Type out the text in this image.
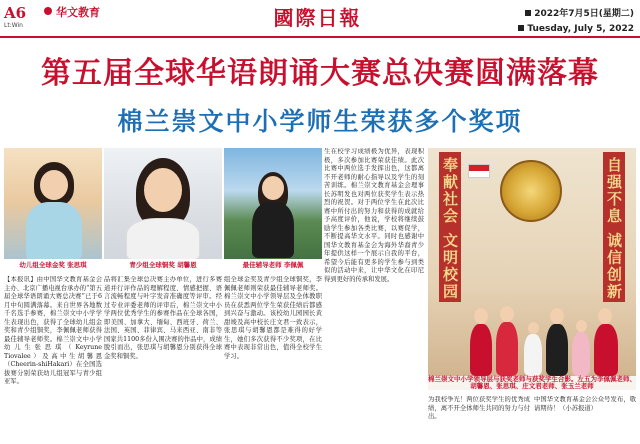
A6
Lt:Win
华文教育	國際日報	2022年7月5日(星期二)
Tuesday, July 5, 2022
第五届全球华语朗诵大赛总决赛圆满落幕
棉兰崇文中小学师生荣获多个奖项
幼儿组全球金奖 张思琪	青少组全球铜奖 胡馨恩	最佳辅导老师 李佩佩	奉献社会 文明校园	自强不息 诚信创新
棉兰崇文中小学领导层与获奖老师与获奖学生合影。左五为李佩佩老师、胡馨恩、张思琪、庄文君老师、张玉兰老师
【本报讯】由中国华文教育基金会主办、北京广播电视台承办的“第五届全球华语朗诵大赛总决赛”已于6月中旬圆满落幕。来自世界各地数千名选手参赛，棉兰崇文中小学学生表现出色，获得了全球幼儿组金奖和青少组铜奖，李佩佩老师获得最佳辅导老师奖。棉兰崇文中小学幼儿生张思琪（Keyrune Tiovalee）及高中生胡馨恩（Cheerin-shiHakari）在全国选拔赛分别荣获幼儿组冠军与青少组亚军。
品将汇集全球总决赛主办单位，进行多赛道并行评作品的理解程度、情感把握、语言流畅程度与叶字发音准确度等评审。经过专业评委老师的评审后，棉兰崇文中小学两位优秀学生的参赛作品在全球各国，即美国、加拿大、缅甸、西班牙、荷兰、法国、英国、菲律宾、马来西亚、南非等国家共1100多份入围决赛的作品中，成绩脱引而出，张思琪与胡馨恩分别获得全球金奖和铜奖。
组全球金奖及青少组全球铜奖，李佩佩老师则荣获最佳辅导老师奖。棉兰崇文中小学领导层及全体教职员在获悉两位学生荣获佳绩后都感到兴奋与激动。该校幼儿园园长黄甜竣及高中校长庄文君一致表示，张思琪与胡馨恩都是难得的好学生，她们多次获得不少奖项，在比赛中表现非常出色，值得全校学生学习。
生在校学习成绩极为优异，表现积极，多次参加比赛荣获佳绩。此次比赛中两位选手发挥出色，这都离不开老师的耐心指导以及学生的刻苦训练。棉兰崇文教育基金会理事长苏明发也对两位获奖学生表示热烈的祝贺。对于两位学生在此次比赛中所付出的努力和获得的成就给予高度评价，他说，学校将继续鼓励学生参加各类比赛，以赛促学，不断提高华文水平。同时也感谢中国华文教育基金会为海外华裔青少年提供这样一个展示自我的平台，希望今后能有更多的学生参与到类似的活动中来，让中华文化在印尼得到更好的传承和发展。
为我校争光！两位获奖学生的优秀成绩，离不开全体师生共同的努力与付出。
中国华文教育基金会公众号发布，敬请期待！（小苏报道）
